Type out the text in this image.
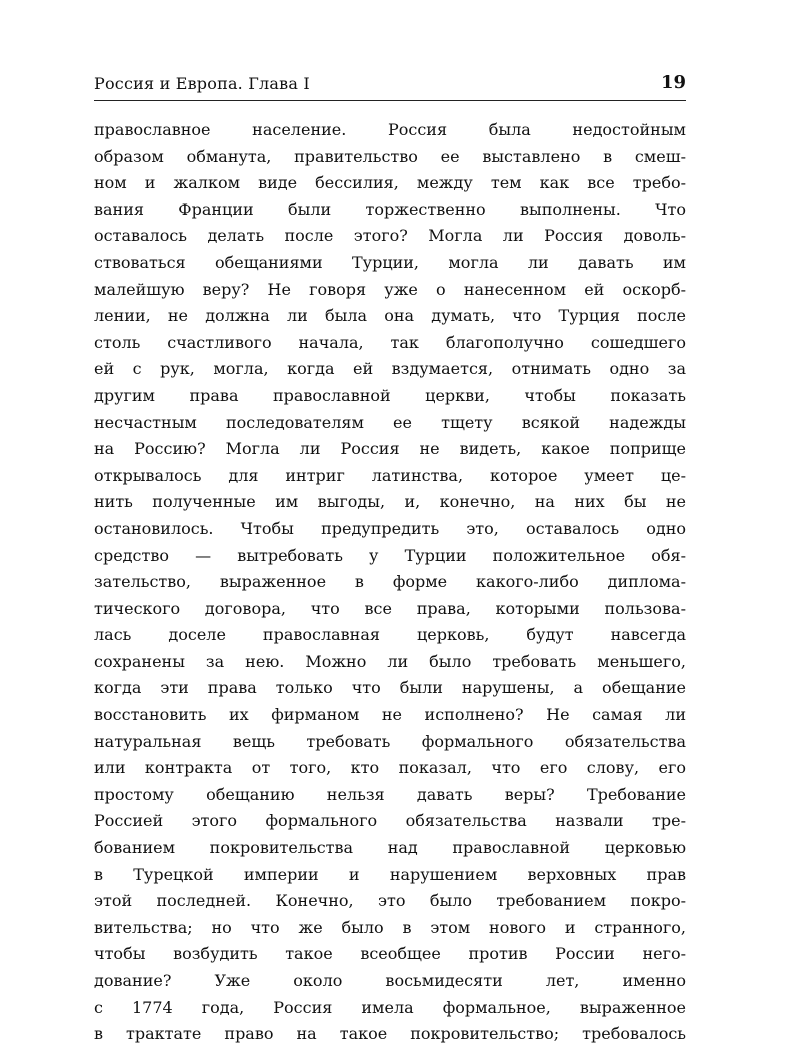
Россия и Европа. Глава I	19
православное население. Россия была недостойным
образом обманута, правительство ее выставлено в смеш-
ном и жалком виде бессилия, между тем как все требо-
вания Франции были торжественно выполнены. Что
оставалось делать после этого? Могла ли Россия доволь-
ствоваться обещаниями Турции, могла ли давать им
малейшую веру? Не говоря уже о нанесенном ей оскорб-
лении, не должна ли была она думать, что Турция после
столь счастливого начала, так благополучно сошедшего
ей с рук, могла, когда ей вздумается, отнимать одно за
другим права православной церкви, чтобы показать
несчастным последователям ее тщету всякой надежды
на Россию? Могла ли Россия не видеть, какое поприще
открывалось для интриг латинства, которое умеет це-
нить полученные им выгоды, и, конечно, на них бы не
остановилось. Чтобы предупредить это, оставалось одно
средство — вытребовать у Турции положительное обя-
зательство, выраженное в форме какого-либо диплома-
тического договора, что все права, которыми пользова-
лась доселе православная церковь, будут навсегда
сохранены за нею. Можно ли было требовать меньшего,
когда эти права только что были нарушены, а обещание
восстановить их фирманом не исполнено? Не самая ли
натуральная вещь требовать формального обязательства
или контракта от того, кто показал, что его слову, его
простому обещанию нельзя давать веры? Требование
Россией этого формального обязательства назвали тре-
бованием покровительства над православной церковью
в Турецкой империи и нарушением верховных прав
этой последней. Конечно, это было требованием покро-
вительства; но что же было в этом нового и странного,
чтобы возбудить такое всеобщее против России него-
дование? Уже около восьмидесяти лет, именно
с 1774 года, Россия имела формальное, выраженное
в трактате право на такое покровительство; требовалось
